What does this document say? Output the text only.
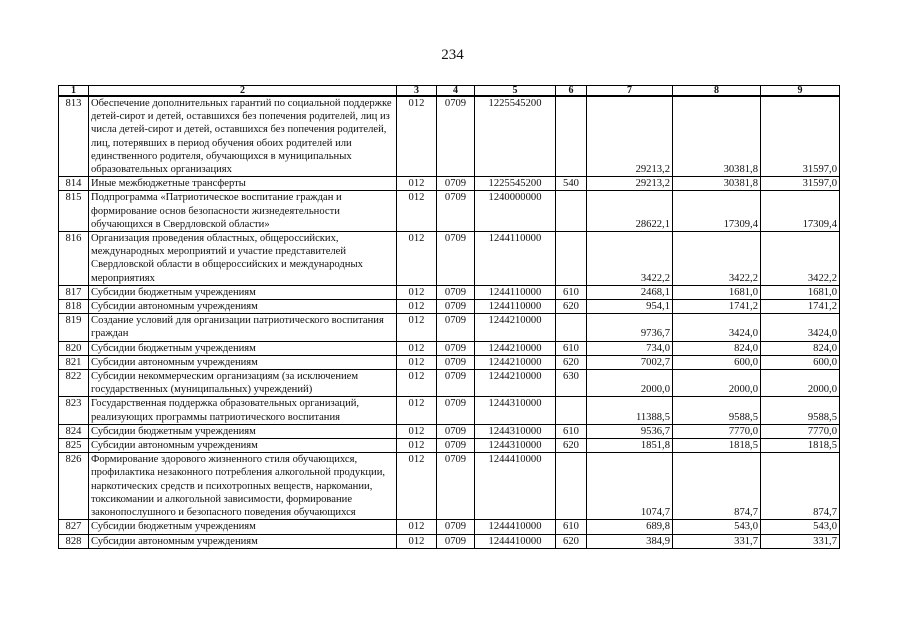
234
1	2	3	4	5	6	7	8	9
813	Обеспечение дополнительных гарантий по социальной поддержке детей-сирот и детей, оставшихся без попечения родителей, лиц из числа детей-сирот и детей, оставшихся без попечения родителей, лиц, потерявших в период обучения обоих родителей или единственного родителя, обучающихся в муниципальных образовательных организациях	012	0709	1225545200		29213,2	30381,8	31597,0
814	Иные межбюджетные трансферты	012	0709	1225545200	540	29213,2	30381,8	31597,0
815	Подпрограмма «Патриотическое воспитание граждан и формирование основ безопасности жизнедеятельности обучающихся в Свердловской области»	012	0709	1240000000		28622,1	17309,4	17309,4
816	Организация проведения областных, общероссийских, международных мероприятий и участие представителей Свердловской области в общероссийских и международных мероприятиях	012	0709	1244110000		3422,2	3422,2	3422,2
817	Субсидии бюджетным учреждениям	012	0709	1244110000	610	2468,1	1681,0	1681,0
818	Субсидии автономным учреждениям	012	0709	1244110000	620	954,1	1741,2	1741,2
819	Создание условий для организации патриотического воспитания граждан	012	0709	1244210000		9736,7	3424,0	3424,0
820	Субсидии бюджетным учреждениям	012	0709	1244210000	610	734,0	824,0	824,0
821	Субсидии автономным учреждениям	012	0709	1244210000	620	7002,7	600,0	600,0
822	Субсидии некоммерческим организациям (за исключением государственных (муниципальных) учреждений)	012	0709	1244210000	630	2000,0	2000,0	2000,0
823	Государственная поддержка образовательных организаций, реализующих программы патриотического воспитания	012	0709	1244310000		11388,5	9588,5	9588,5
824	Субсидии бюджетным учреждениям	012	0709	1244310000	610	9536,7	7770,0	7770,0
825	Субсидии автономным учреждениям	012	0709	1244310000	620	1851,8	1818,5	1818,5
826	Формирование здорового жизненного стиля обучающихся, профилактика незаконного потребления алкогольной продукции, наркотических средств и психотропных веществ, наркомании, токсикомании и алкогольной зависимости, формирование законопослушного и безопасного поведения обучающихся	012	0709	1244410000		1074,7	874,7	874,7
827	Субсидии бюджетным учреждениям	012	0709	1244410000	610	689,8	543,0	543,0
828	Субсидии автономным учреждениям	012	0709	1244410000	620	384,9	331,7	331,7
